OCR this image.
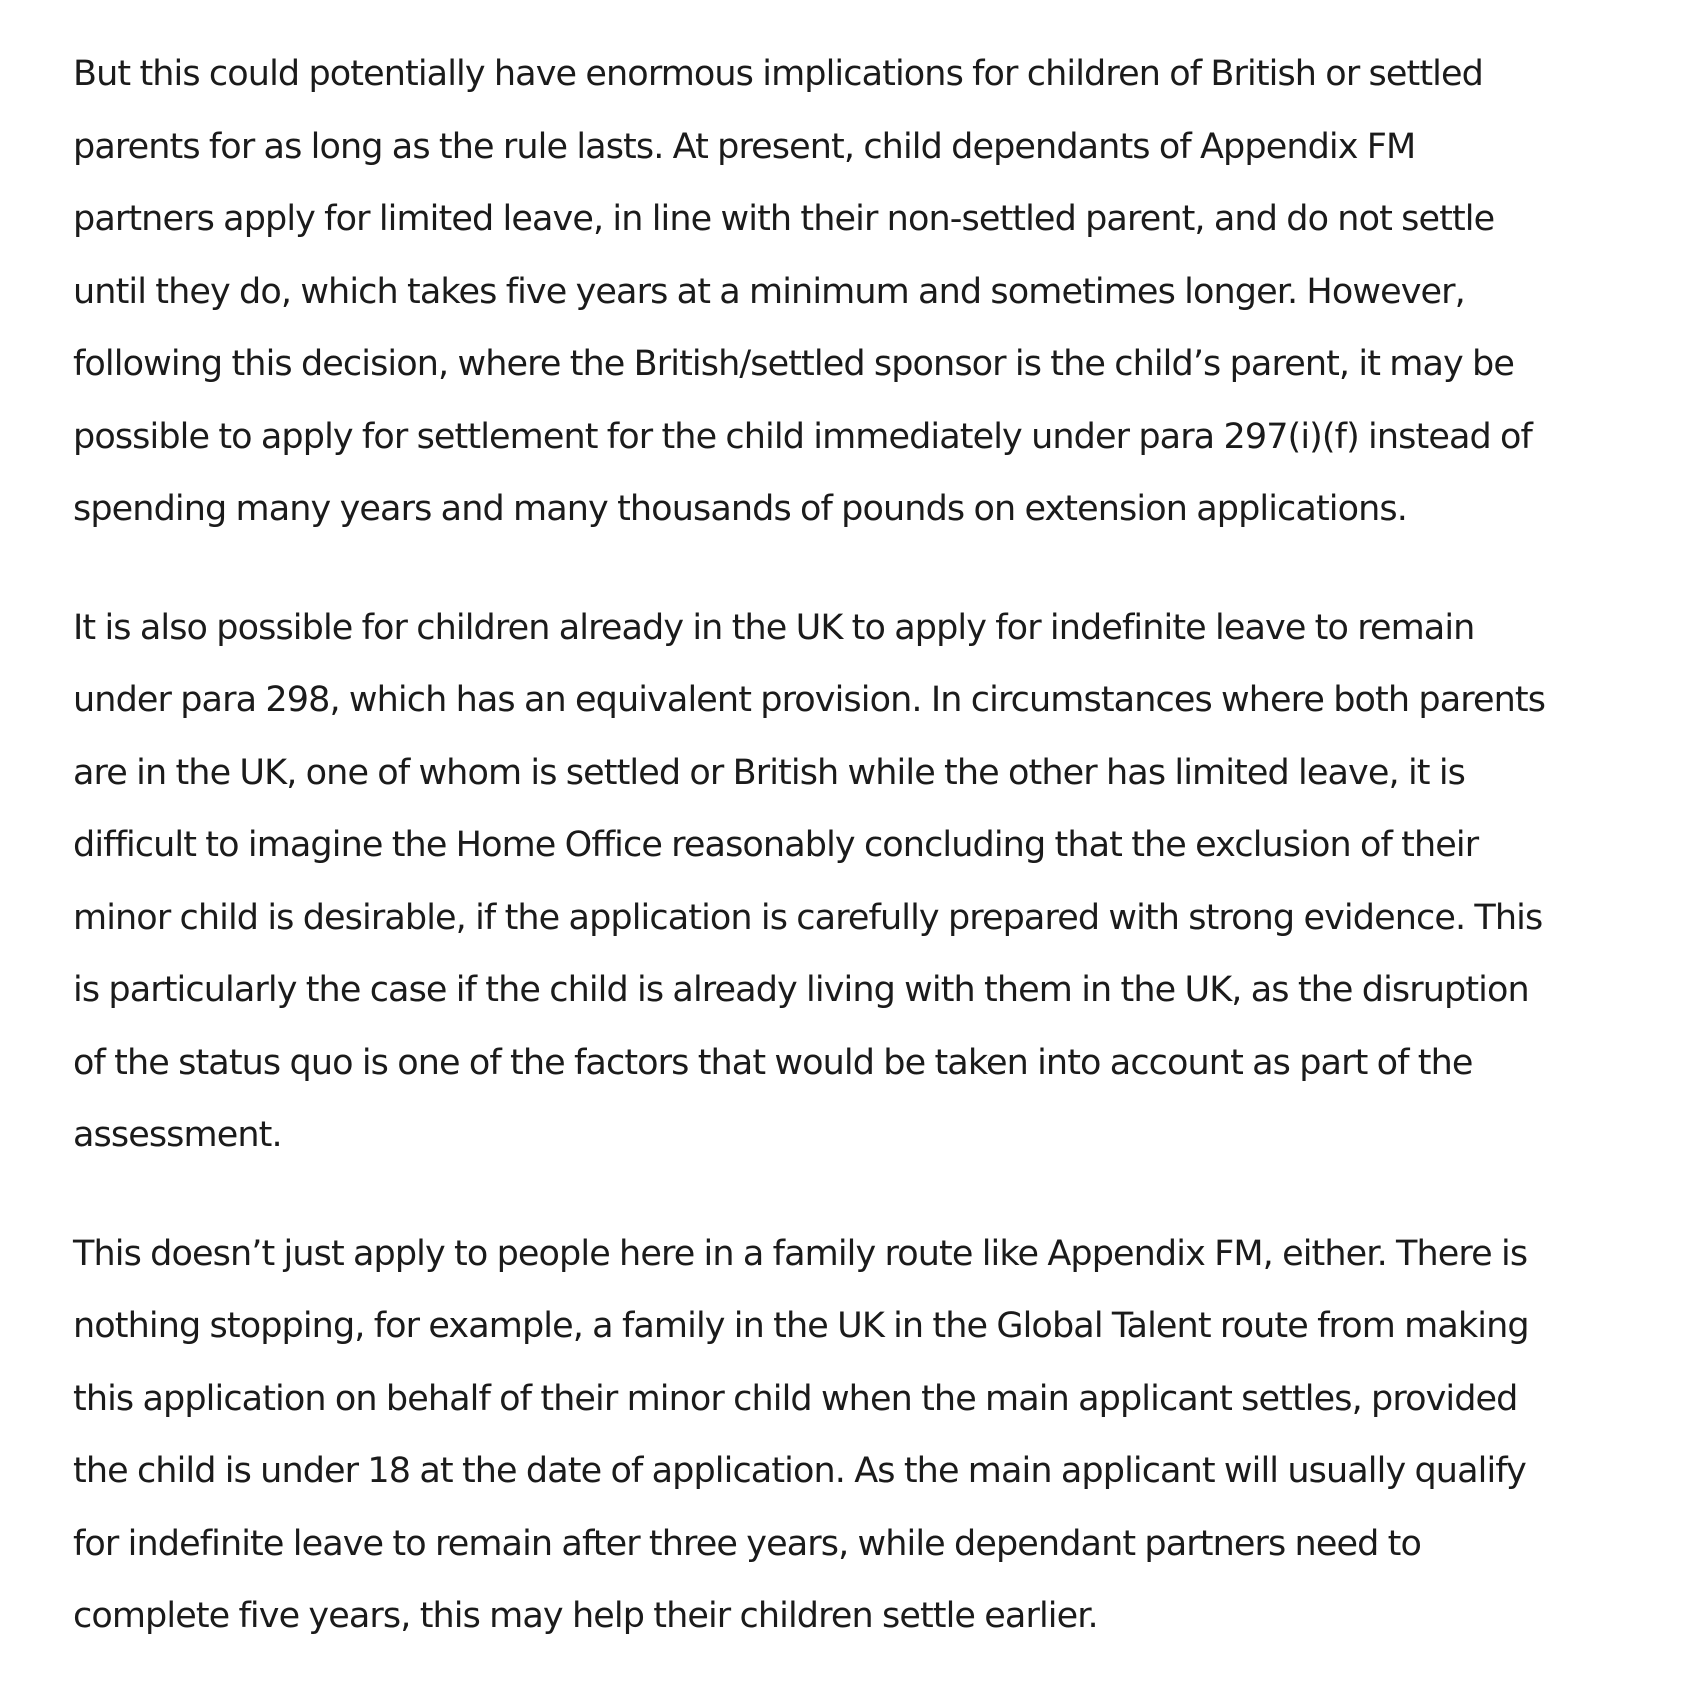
But this could potentially have enormous implications for children of British or settled
parents for as long as the rule lasts. At present, child dependants of Appendix FM
partners apply for limited leave, in line with their non-settled parent, and do not settle
until they do, which takes five years at a minimum and sometimes longer. However,
following this decision, where the British/settled sponsor is the child’s parent, it may be
possible to apply for settlement for the child immediately under para 297(i)(f) instead of
spending many years and many thousands of pounds on extension applications.

It is also possible for children already in the UK to apply for indefinite leave to remain
under para 298, which has an equivalent provision. In circumstances where both parents
are in the UK, one of whom is settled or British while the other has limited leave, it is
difficult to imagine the Home Office reasonably concluding that the exclusion of their
minor child is desirable, if the application is carefully prepared with strong evidence. This
is particularly the case if the child is already living with them in the UK, as the disruption
of the status quo is one of the factors that would be taken into account as part of the
assessment.

This doesn’t just apply to people here in a family route like Appendix FM, either. There is
nothing stopping, for example, a family in the UK in the Global Talent route from making
this application on behalf of their minor child when the main applicant settles, provided
the child is under 18 at the date of application. As the main applicant will usually qualify
for indefinite leave to remain after three years, while dependant partners need to
complete five years, this may help their children settle earlier.
